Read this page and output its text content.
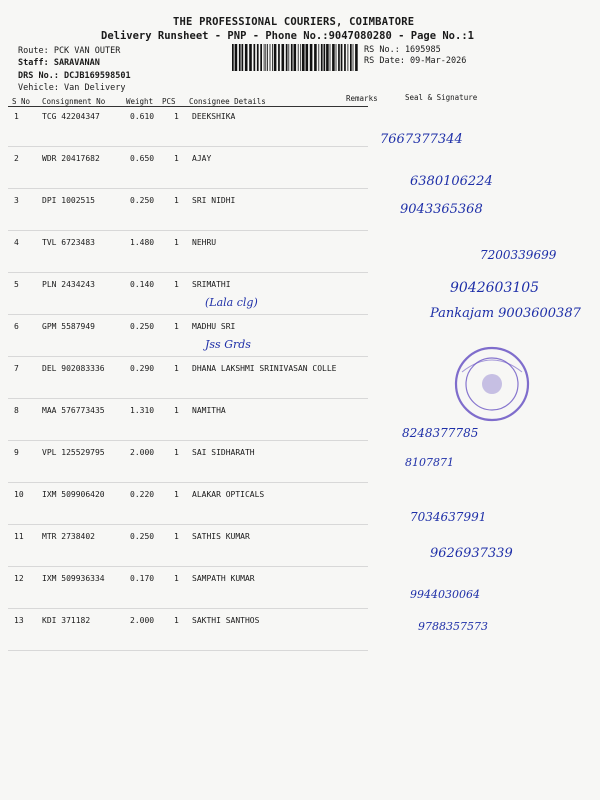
THE PROFESSIONAL COURIERS, COIMBATORE
Delivery Runsheet - PNP - Phone No.:9047080280 - Page No.:1
Route: PCK VAN OUTER
Staff: SARAVANAN
DRS No.: DCJB169598501
Vehicle: Van Delivery
RS No.: 1695985
RS Date: 09-Mar-2026
S No Consignment No	Weight PCS Consignee Details	Remarks	Seal & Signature
1	TCG 42204347	0.610 1 DEEKSHIKA
7667377344
2	WDR 20417682	0.650 1 AJAY
6380106224
3	DPI 1002515	0.250 1 SRI NIDHI
9043365368
4	TVL 6723483	1.480 1 NEHRU
7200339699
5	PLN 2434243	0.140 1 SRIMATHI
(Lala clg)
9042603105
6	GPM 5587949	0.250 1 MADHU SRI
Jss Grds
Pankajam 9003600387
7	DEL 902083336	0.290 1 DHANA LAKSHMI SRINIVASAN COLLE
8	MAA 576773435	1.310 1 NAMITHA
8248377785
9	VPL 125529795	2.000 1 SAI SIDHARATH
8107871
10 IXM 509906420	0.220 1 ALAKAR OPTICALS
7034637991
11 MTR 2738402	0.250 1 SATHIS KUMAR
9626937339
12 IXM 509936334	0.170 1 SAMPATH KUMAR
9944030064
13 KDI 371182	2.000 1 SAKTHI SANTHOS	9788357573
